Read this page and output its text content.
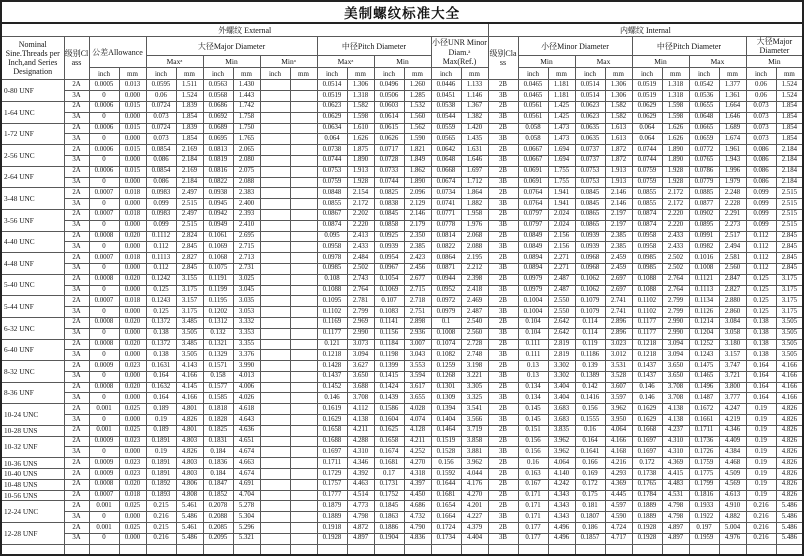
美制螺纹标准大全																										
外螺纹 External																内螺纹 Internal										
Nominal Sine.Threads per Inch,and Series Designation	级别Class	公差Allowance		大径Major Diameter						中径Pitch Diameter				小径UNR Minor Diam.ᵃ Max(Ref.)		级别Class	小径Minor Diameter				中径Pitch Diameter				大径Major Diameter	
				Maxᵃ		Min		Minᵃ		Maxᵃ		Min					Min		Max		Min		Max		Min	
		inch	mm	inch	mm	inch	mm	inch	mm	inch	mm	inch	mm	inch	mm		inch	mm	inch	mm	inch	mm	inch	mm	inch	mm
0-80 UNF	2A	0.0005	0.013	0.0595	1.511	0.0563	1.430			0.0514	1.306	0.0496	1.260	0.0446	1.133	2B	0.0465	1.181	0.0514	1.306	0.0519	1.318	0.0542	1.377	0.06	1.524
	3A	0	0.000	0.06	1.524	0.0568	1.443			0.0519	1.318	0.0506	1.285	0.0451	1.146	3B	0.0465	1.181	0.0514	1.306	0.0519	1.318	0.0536	1.361	0.06	1.524
1-64 UNC	2A	0.0006	0.015	0.0724	1.839	0.0686	1.742			0.0623	1.582	0.0603	1.532	0.0538	1.367	2B	0.0561	1.425	0.0623	1.582	0.0629	1.598	0.0655	1.664	0.073	1.854
	3A	0	0.000	0.073	1.854	0.0692	1.758			0.0629	1.598	0.0614	1.560	0.0544	1.382	3B	0.0561	1.425	0.0623	1.582	0.0629	1.598	0.0648	1.646	0.073	1.854
1-72 UNF	2A	0.0006	0.015	0.0724	1.839	0.0689	1.750			0.0634	1.610	0.0615	1.562	0.0559	1.420	2B	0.058	1.473	0.0635	1.613	0.064	1.626	0.0665	1.689	0.073	1.854
	3A	0	0.000	0.073	1.854	0.0695	1.765			0.064	1.626	0.0626	1.590	0.0565	1.435	3B	0.058	1.473	0.0635	1.613	0.064	1.626	0.0659	1.674	0.073	1.854
2-56 UNC	2A	0.0006	0.015	0.0854	2.169	0.0813	2.065			0.0738	1.875	0.0717	1.821	0.0642	1.631	2B	0.0667	1.694	0.0737	1.872	0.0744	1.890	0.0772	1.961	0.086	2.184
	3A	0	0.000	0.086	2.184	0.0819	2.080			0.0744	1.890	0.0728	1.849	0.0648	1.646	3B	0.0667	1.694	0.0737	1.872	0.0744	1.890	0.0765	1.943	0.086	2.184
2-64 UNF	2A	0.0006	0.015	0.0854	2.169	0.0816	2.075			0.0753	1.913	0.0733	1.862	0.0668	1.697	2B	0.0691	1.755	0.0753	1.913	0.0759	1.928	0.0786	1.996	0.086	2.184
	3A	0	0.000	0.086	2.184	0.0822	2.088			0.0759	1.928	0.0744	1.890	0.0674	1.712	3B	0.0691	1.755	0.0753	1.913	0.0759	1.928	0.0779	1.979	0.086	2.184
3-48 UNC	2A	0.0007	0.018	0.0983	2.497	0.0938	2.383			0.0848	2.154	0.0825	2.096	0.0734	1.864	2B	0.0764	1.941	0.0845	2.146	0.0855	2.172	0.0885	2.248	0.099	2.515
	3A	0	0.000	0.099	2.515	0.0945	2.400			0.0855	2.172	0.0838	2.129	0.0741	1.882	3B	0.0764	1.941	0.0845	2.146	0.0855	2.172	0.0877	2.228	0.099	2.515
3-56 UNF	2A	0.0007	0.018	0.0983	2.497	0.0942	2.393			0.0867	2.202	0.0845	2.146	0.0771	1.958	2B	0.0797	2.024	0.0865	2.197	0.0874	2.220	0.0902	2.291	0.099	2.515
	3A	0	0.000	0.099	2.515	0.0949	2.410			0.0874	2.220	0.0858	2.179	0.0778	1.976	3B	0.0797	2.024	0.0865	2.197	0.0874	2.220	0.0895	2.273	0.099	2.515
4-40 UNC	2A	0.0008	0.020	0.1112	2.824	0.1061	2.695			0.095	2.413	0.0925	2.350	0.0814	2.068	2B	0.0849	2.156	0.0939	2.385	0.0958	2.433	0.0991	2.517	0.112	2.845
	3A	0	0.000	0.112	2.845	0.1069	2.715			0.0958	2.433	0.0939	2.385	0.0822	2.088	3B	0.0849	2.156	0.0939	2.385	0.0958	2.433	0.0982	2.494	0.112	2.845
4-48 UNF	2A	0.0007	0.018	0.1113	2.827	0.1068	2.713			0.0978	2.484	0.0954	2.423	0.0864	2.195	2B	0.0894	2.271	0.0968	2.459	0.0985	2.502	0.1016	2.581	0.112	2.845
	3A	0	0.000	0.112	2.845	0.1075	2.731			0.0985	2.502	0.0967	2.456	0.0871	2.212	3B	0.0894	2.271	0.0968	2.459	0.0985	2.502	0.1008	2.560	0.112	2.845
5-40 UNC	2A	0.0008	0.020	0.1242	3.155	0.1191	3.025			0.108	2.743	0.1054	2.677	0.0944	2.398	2B	0.0979	2.487	0.1062	2.697	0.1088	2.764	0.1121	2.847	0.125	3.175
	3A	0	0.000	0.125	3.175	0.1199	3.045			0.1088	2.764	0.1069	2.715	0.0952	2.418	3B	0.0979	2.487	0.1062	2.697	0.1088	2.764	0.1113	2.827	0.125	3.175
5-44 UNF	2A	0.0007	0.018	0.1243	3.157	0.1195	3.035			0.1095	2.781	0.107	2.718	0.0972	2.469	2B	0.1004	2.550	0.1079	2.741	0.1102	2.799	0.1134	2.880	0.125	3.175
	3A	0	0.000	0.125	3.175	0.1202	3.053			0.1102	2.799	0.1083	2.751	0.0979	2.487	3B	0.1004	2.550	0.1079	2.741	0.1102	2.799	0.1126	2.860	0.125	3.175
6-32 UNC	2A	0.0008	0.020	0.1372	3.485	0.1312	3.332			0.1169	2.969	0.1141	2.898	0.1	2.540	2B	0.104	2.642	0.114	2.896	0.1177	2.990	0.1214	3.084	0.138	3.505
	3A	0	0.000	0.138	3.505	0.132	3.353			0.1177	2.990	0.1156	2.936	0.1008	2.560	3B	0.104	2.642	0.114	2.896	0.1177	2.990	0.1204	3.058	0.138	3.505
6-40 UNF	2A	0.0008	0.020	0.1372	3.485	0.1321	3.355			0.121	3.073	0.1184	3.007	0.1074	2.728	2B	0.111	2.819	0.119	3.023	0.1218	3.094	0.1252	3.180	0.138	3.505
	3A	0	0.000	0.138	3.505	0.1329	3.376			0.1218	3.094	0.1198	3.043	0.1082	2.748	3B	0.111	2.819	0.1186	3.012	0.1218	3.094	0.1243	3.157	0.138	3.505
8-32 UNC	2A	0.0009	0.023	0.1631	4.143	0.1571	3.990			0.1428	3.627	0.1399	3.553	0.1259	3.198	2B	0.13	3.302	0.139	3.531	0.1437	3.650	0.1475	3.747	0.164	4.166
	3A	0	0.000	0.164	4.166	0.158	4.013			0.1437	3.650	0.1415	3.594	0.1268	3.221	3B	0.13	3.302	0.1389	3.528	0.1437	3.650	0.1465	3.721	0.164	4.166
8-36 UNF	2A	0.0008	0.020	0.1632	4.145	0.1577	4.006			0.1452	3.688	0.1424	3.617	0.1301	3.305	2B	0.134	3.404	0.142	3.607	0.146	3.708	0.1496	3.800	0.164	4.166
	3A	0	0.000	0.164	4.166	0.1585	4.026			0.146	3.708	0.1439	3.655	0.1309	3.325	3B	0.134	3.404	0.1416	3.597	0.146	3.708	0.1487	3.777	0.164	4.166
10-24 UNC	2A	0.001	0.025	0.189	4.801	0.1818	4.618			0.1619	4.112	0.1586	4.028	0.1394	3.541	2B	0.145	3.683	0.156	3.962	0.1629	4.138	0.1672	4.247	0.19	4.826
	3A	0	0.000	0.19	4.826	0.1828	4.643			0.1629	4.138	0.1604	4.074	0.1404	3.566	3B	0.145	3.683	0.1555	3.950	0.1629	4.138	0.1661	4.219	0.19	4.826
10-28 UNS	2A	0.001	0.025	0.189	4.801	0.1825	4.636			0.1658	4.211	0.1625	4.128	0.1464	3.719	2B	0.151	3.835	0.16	4.064	0.1668	4.237	0.1711	4.346	0.19	4.826
10-32 UNF	2A	0.0009	0.023	0.1891	4.803	0.1831	4.651			0.1688	4.288	0.1658	4.211	0.1519	3.858	2B	0.156	3.962	0.164	4.166	0.1697	4.310	0.1736	4.409	0.19	4.826
	3A	0	0.000	0.19	4.826	0.184	4.674			0.1697	4.310	0.1674	4.252	0.1528	3.881	3B	0.156	3.962	0.1641	4.168	0.1697	4.310	0.1726	4.384	0.19	4.826
10-36 UNS	2A	0.0009	0.023	0.1891	4.803	0.1836	4.663			0.1711	4.346	0.1681	4.270	0.156	3.962	2B	0.16	4.064	0.166	4.216	0.172	4.369	0.1759	4.468	0.19	4.826
10-40 UNS	2A	0.0009	0.023	0.1891	4.803	0.184	4.674			0.1729	4.392	0.17	4.318	0.1592	4.044	2B	0.163	4.140	0.169	4.293	0.1738	4.415	0.1775	4.509	0.19	4.826
10-48 UNS	2A	0.0008	0.020	0.1892	4.806	0.1847	4.691			0.1757	4.463	0.1731	4.397	0.1644	4.176	2B	0.167	4.242	0.172	4.369	0.1765	4.483	0.1799	4.569	0.19	4.826
10-56 UNS	2A	0.0007	0.018	0.1893	4.808	0.1852	4.704			0.1777	4.514	0.1752	4.450	0.1681	4.270	2B	0.171	4.343	0.175	4.445	0.1784	4.531	0.1816	4.613	0.19	4.826
12-24 UNC	2A	0.001	0.025	0.215	5.461	0.2078	5.278			0.1879	4.773	0.1845	4.686	0.1654	4.201	2B	0.171	4.343	0.181	4.597	0.1889	4.798	0.1933	4.910	0.216	5.486
	3A	0	0.000	0.216	5.486	0.2088	5.304			0.1889	4.798	0.1863	4.732	0.1664	4.227	3B	0.171	4.343	0.1807	4.590	0.1889	4.798	0.1922	4.882	0.216	5.486
12-28 UNF	2A	0.001	0.025	0.215	5.461	0.2085	5.296			0.1918	4.872	0.1886	4.790	0.1724	4.379	2B	0.177	4.496	0.186	4.724	0.1928	4.897	0.197	5.004	0.216	5.486
	3A	0	0.000	0.216	5.486	0.2095	5.321			0.1928	4.897	0.1904	4.836	0.1734	4.404	3B	0.177	4.496	0.1857	4.717	0.1928	4.897	0.1959	4.976	0.216	5.486
